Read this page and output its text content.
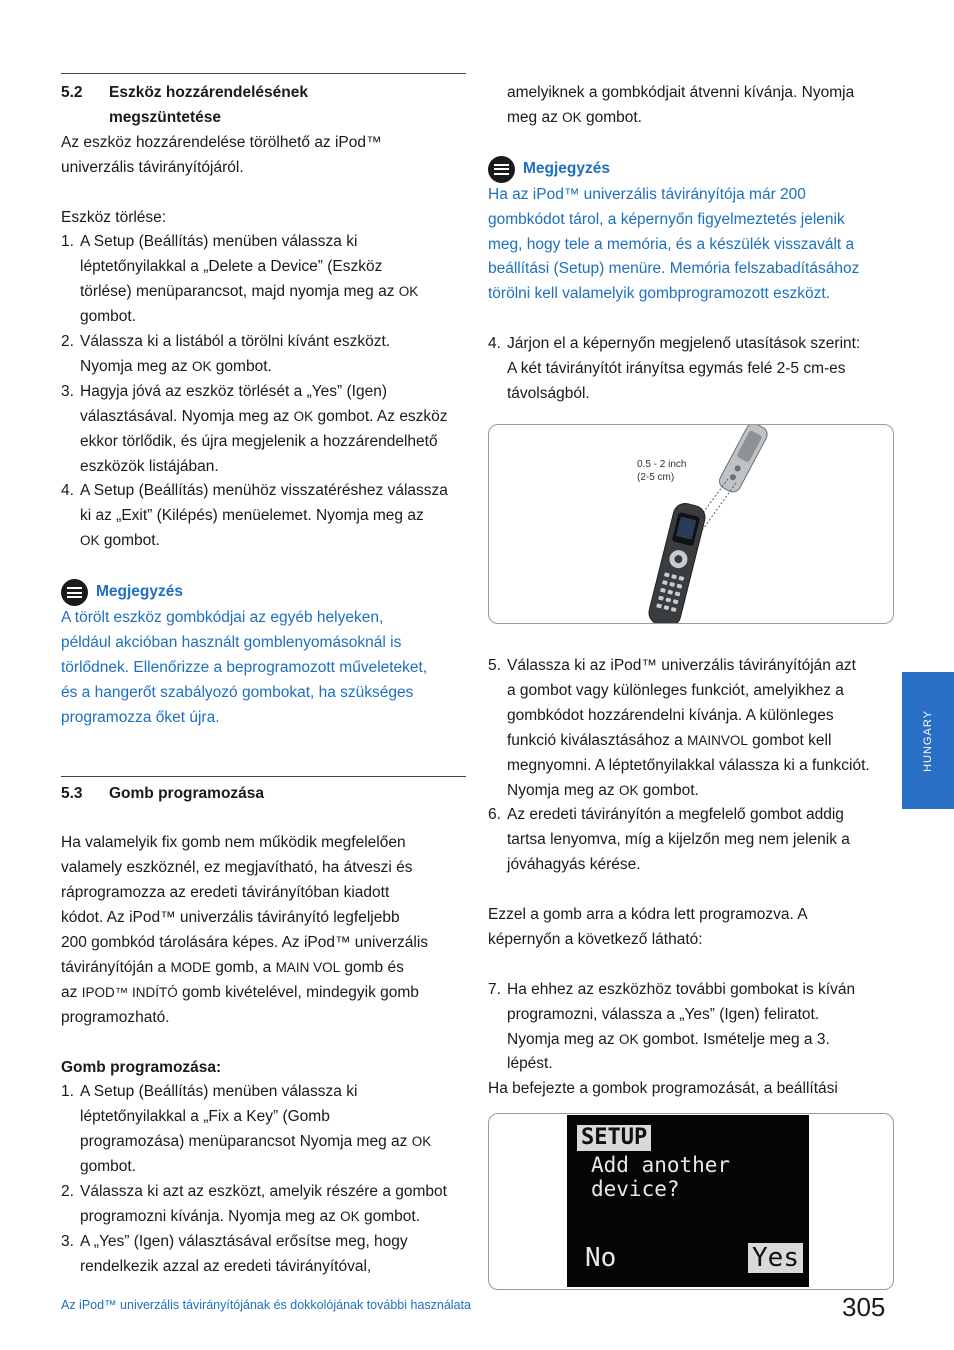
5.2	Eszköz hozzárendelésének
megszüntetése

Az eszköz hozzárendelése törölhető az iPod™
univerzális távirányítójáról.

Eszköz törlése:

1. A Setup (Beállítás) menüben válassza ki
léptetőnyilakkal a „Delete a Device” (Eszköz
törlése) menüparancsot, majd nyomja meg az OK
gombot.
2. Válassza ki a listából a törölni kívánt eszközt.
Nyomja meg az OK gombot.
3. Hagyja jóvá az eszköz törlését a „Yes” (Igen)
választásával. Nyomja meg az OK gombot. Az eszköz
ekkor törlődik, és újra megjelenik a hozzárendelhető
eszközök listájában.
4. A Setup (Beállítás) menühöz visszatéréshez válassza
ki az „Exit” (Kilépés) menüelemet. Nyomja meg az
OK gombot.
Megjegyzés

A törölt eszköz gombkódjai az egyéb helyeken,
például akcióban használt gomblenyomásoknál is
törlődnek. Ellenőrizze a beprogramozott műveleteket,
és a hangerőt szabályozó gombokat, ha szükséges
programozza őket újra.

5.3	Gomb programozása

Ha valamelyik fix gomb nem működik megfelelően
valamely eszköznél, ez megjavítható, ha átveszi és
ráprogramozza az eredeti távirányítóban kiadott
kódot. Az iPod™ univerzális távirányító legfeljebb
200 gombkód tárolására képes. Az iPod™ univerzális
távirányítóján a MODE gomb, a MAIN VOL gomb és
az IPOD™ INDÍTÓ gomb kivételével, mindegyik gomb
programozható.

Gomb programozása:

1. A Setup (Beállítás) menüben válassza ki
léptetőnyilakkal a „Fix a Key” (Gomb
programozása) menüparancsot Nyomja meg az OK
gombot.
2. Válassza ki azt az eszközt, amelyik részére a gombot
programozni kívánja. Nyomja meg az OK gombot.
3. A „Yes” (Igen) választásával erősítse meg, hogy
rendelkezik azzal az eredeti távirányítóval,

amelyiknek a gombkódjait átvenni kívánja. Nyomja
meg az OK gombot.

Megjegyzés

Ha az iPod™ univerzális távirányítója már 200
gombkódot tárol, a képernyőn figyelmeztetés jelenik
meg, hogy tele a memória, és a készülék visszavált a
beállítási (Setup) menüre. Memória felszabadításához
törölni kell valamelyik gombprogramozott eszközt.

4. Járjon el a képernyőn megjelenő utasítások szerint:
A két távirányítót irányítsa egymás felé 2-5 cm-es
távolságból.
0.5 - 2 inch
(2-5 cm)
5. Válassza ki az iPod™ univerzális távirányítóján azt
a gombot vagy különleges funkciót, amelyikhez a
gombkódot hozzárendelni kívánja. A különleges
funkció kiválasztásához a MAINVOL gombot kell
megnyomni. A léptetőnyilakkal válassza ki a funkciót.
Nyomja meg az OK gombot.
6. Az eredeti távirányítón a megfelelő gombot addig
tartsa lenyomva, míg a kijelzőn meg nem jelenik a
jóváhagyás kérése.

Ezzel a gomb arra a kódra lett programozva. A
képernyőn a következő látható:

7. Ha ehhez az eszközhöz további gombokat is kíván
programozni, válassza a „Yes” (Igen) feliratot.
Nyomja meg az OK gombot. Ismételje meg a 3.
lépést.

Ha befejezte a gombok programozását, a beállítási

SETUP
Add another device?
No	Yes
HUNGARY
Az iPod™ univerzális távirányítójának és dokkolójának további használata	305
